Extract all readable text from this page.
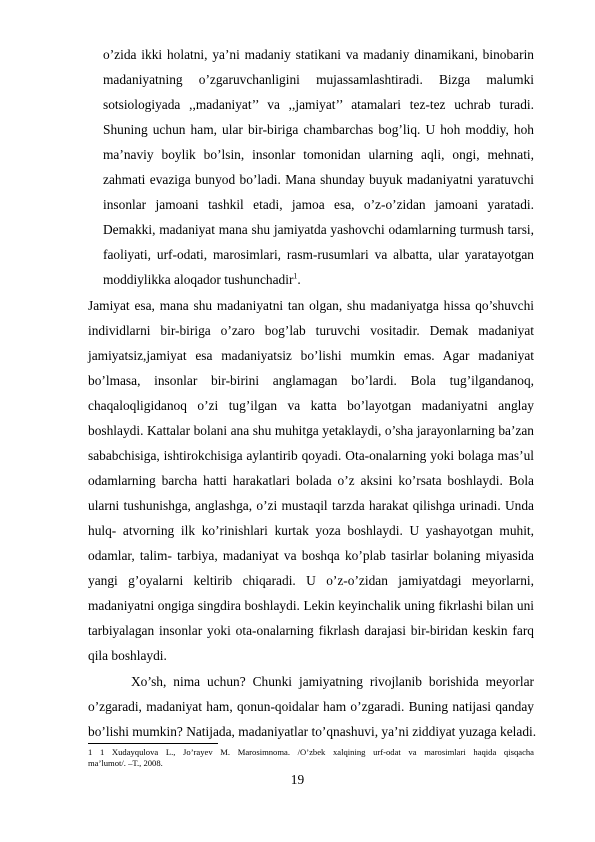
o’zida ikki holatni, ya’ni madaniy statikani va madaniy dinamikani, binobarin
madaniyatning o’zgaruvchanligini mujassamlashtiradi. Bizga malumki
sotsiologiyada ,,madaniyat’’ va ,,jamiyat’’ atamalari tez-tez uchrab turadi.
Shuning uchun ham, ular bir-biriga chambarchas bog’liq. U hoh moddiy, hoh
ma’naviy boylik bo’lsin, insonlar tomonidan ularning aqli, ongi, mehnati,
zahmati evaziga bunyod bo’ladi. Mana shunday buyuk madaniyatni yaratuvchi
insonlar jamoani tashkil etadi, jamoa esa, o’z-o’zidan jamoani yaratadi.
Demakki, madaniyat mana shu jamiyatda yashovchi odamlarning turmush tarsi,
faoliyati, urf-odati, marosimlari, rasm-rusumlari va albatta, ular yaratayotgan
moddiylikka aloqador tushunchadir$^1$.
Jamiyat esa, mana shu madaniyatni tan olgan, shu madaniyatga hissa qo’shuvchi
individlarni bir-biriga o’zaro bog’lab turuvchi vositadir. Demak madaniyat
jamiyatsiz,jamiyat esa madaniyatsiz bo’lishi mumkin emas. Agar madaniyat
bo’lmasa, insonlar bir-birini anglamagan bo’lardi. Bola tug’ilgandanoq,
chaqaloqligidanoq o’zi tug’ilgan va katta bo’layotgan madaniyatni anglay
boshlaydi. Kattalar bolani ana shu muhitga yetaklaydi, o’sha jarayonlarning ba’zan
sababchisiga, ishtirokchisiga aylantirib qoyadi. Ota-onalarning yoki bolaga mas’ul
odamlarning barcha hatti harakatlari bolada o’z aksini ko’rsata boshlaydi. Bola
ularni tushunishga, anglashga, o’zi mustaqil tarzda harakat qilishga urinadi. Unda
hulq- atvorning ilk ko’rinishlari kurtak yoza boshlaydi. U yashayotgan muhit,
odamlar, talim- tarbiya, madaniyat va boshqa ko’plab tasirlar bolaning miyasida
yangi g’oyalarni keltirib chiqaradi. U o’z-o’zidan jamiyatdagi meyorlarni,
madaniyatni ongiga singdira boshlaydi. Lekin keyinchalik uning fikrlashi bilan uni
tarbiyalagan insonlar yoki ota-onalarning fikrlash darajasi bir-biridan keskin farq
qila boshlaydi.
Xo’sh, nima uchun? Chunki jamiyatning rivojlanib borishida meyorlar
o’zgaradi, madaniyat ham, qonun-qoidalar ham o’zgaradi. Buning natijasi qanday
bo’lishi mumkin? Natijada, madaniyatlar to’qnashuvi, ya’ni ziddiyat yuzaga keladi.
1 1 Xudayqulova L., Jo’rayev M. Marosimnoma. /O’zbek xalqining urf-odat va marosimlari haqida qisqacha
ma’lumot/. –T., 2008.
19
